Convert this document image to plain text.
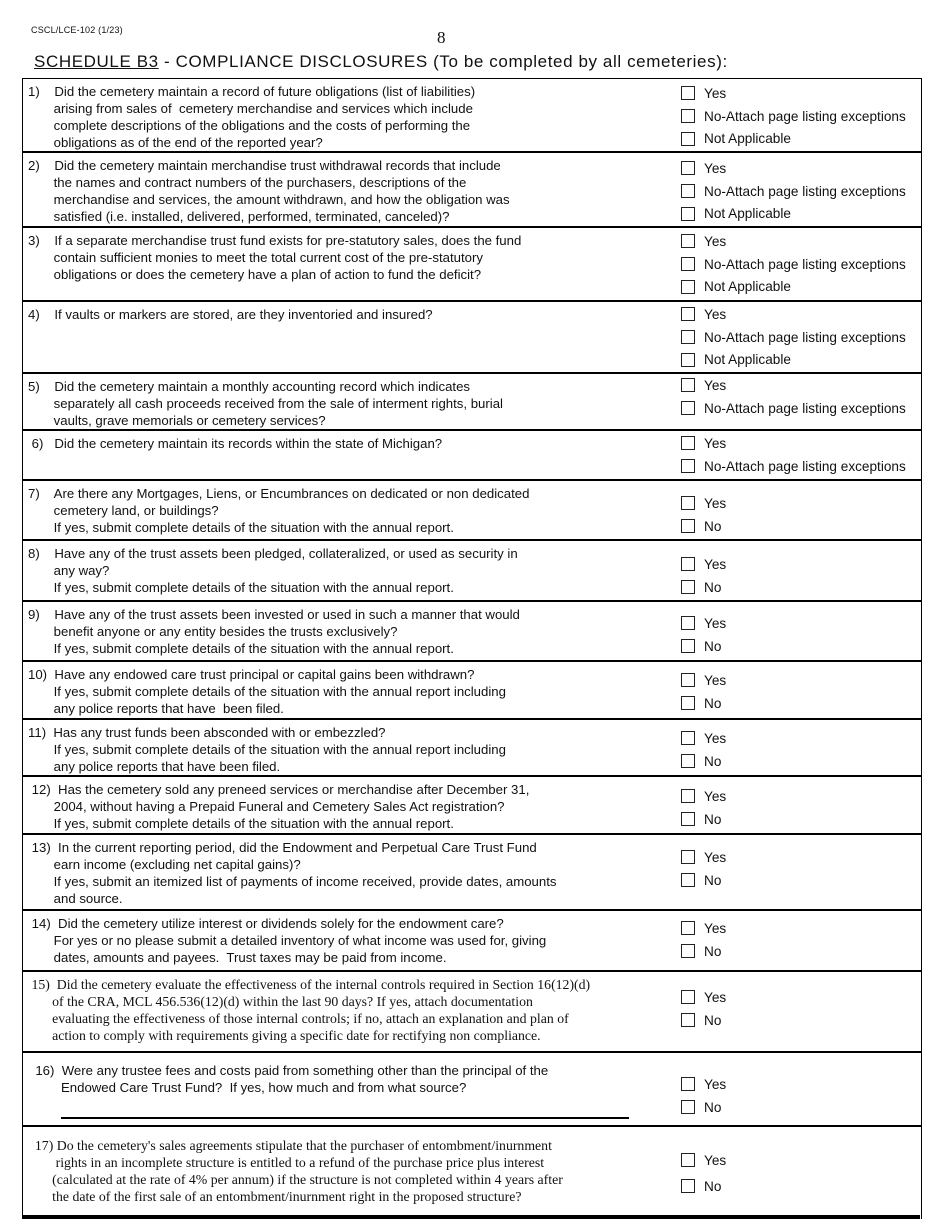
CSCL/LCE-102 (1/23)	8
SCHEDULE B3 - COMPLIANCE DISCLOSURES (To be completed by all cemeteries):
1)    Did the cemetery maintain a record of future obligations (list of liabilities)
arising from sales of  cemetery merchandise and services which include
complete descriptions of the obligations and the costs of performing the
obligations as of the end of the reported year?
Yes
No-Attach page listing exceptions
Not Applicable
2)    Did the cemetery maintain merchandise trust withdrawal records that include
the names and contract numbers of the purchasers, descriptions of the
merchandise and services, the amount withdrawn, and how the obligation was
satisfied (i.e. installed, delivered, performed, terminated, canceled)?
Yes
No-Attach page listing exceptions
Not Applicable
3)    If a separate merchandise trust fund exists for pre-statutory sales, does the fund
contain sufficient monies to meet the total current cost of the pre-statutory
obligations or does the cemetery have a plan of action to fund the deficit?
Yes
No-Attach page listing exceptions
Not Applicable
4)    If vaults or markers are stored, are they inventoried and insured?	Yes
No-Attach page listing exceptions
Not Applicable
5)    Did the cemetery maintain a monthly accounting record which indicates
separately all cash proceeds received from the sale of interment rights, burial
vaults, grave memorials or cemetery services?
Yes
No-Attach page listing exceptions
6)   Did the cemetery maintain its records within the state of Michigan?	Yes
No-Attach page listing exceptions
7)    Are there any Mortgages, Liens, or Encumbrances on dedicated or non dedicated
cemetery land, or buildings?
If yes, submit complete details of the situation with the annual report.
Yes
No
8)    Have any of the trust assets been pledged, collateralized, or used as security in
any way?
If yes, submit complete details of the situation with the annual report.
Yes
No
9)    Have any of the trust assets been invested or used in such a manner that would
benefit anyone or any entity besides the trusts exclusively?
If yes, submit complete details of the situation with the annual report.
Yes
No
10)  Have any endowed care trust principal or capital gains been withdrawn?
If yes, submit complete details of the situation with the annual report including
any police reports that have  been filed.
Yes
No
11)  Has any trust funds been absconded with or embezzled?
If yes, submit complete details of the situation with the annual report including
any police reports that have been filed.
Yes
No
12)  Has the cemetery sold any preneed services or merchandise after December 31,
2004, without having a Prepaid Funeral and Cemetery Sales Act registration?
If yes, submit complete details of the situation with the annual report.
Yes
No
13)  In the current reporting period, did the Endowment and Perpetual Care Trust Fund
earn income (excluding net capital gains)?
If yes, submit an itemized list of payments of income received, provide dates, amounts
and source.
Yes
No
14)  Did the cemetery utilize interest or dividends solely for the endowment care?
For yes or no please submit a detailed inventory of what income was used for, giving
dates, amounts and payees.  Trust taxes may be paid from income.
Yes
No
15)  Did the cemetery evaluate the effectiveness of the internal controls required in Section 16(12)(d)
of the CRA, MCL 456.536(12)(d) within the last 90 days? If yes, attach documentation
evaluating the effectiveness of those internal controls; if no, attach an explanation and plan of
action to comply with requirements giving a specific date for rectifying non compliance.
Yes
No
16)  Were any trustee fees and costs paid from something other than the principal of the
Endowed Care Trust Fund?  If yes, how much and from what source?	Yes
No
17) Do the cemetery's sales agreements stipulate that the purchaser of entombment/inurnment
rights in an incomplete structure is entitled to a refund of the purchase price plus interest
(calculated at the rate of 4% per annum) if the structure is not completed within 4 years after
the date of the first sale of an entombment/inurnment right in the proposed structure?
Yes
No
